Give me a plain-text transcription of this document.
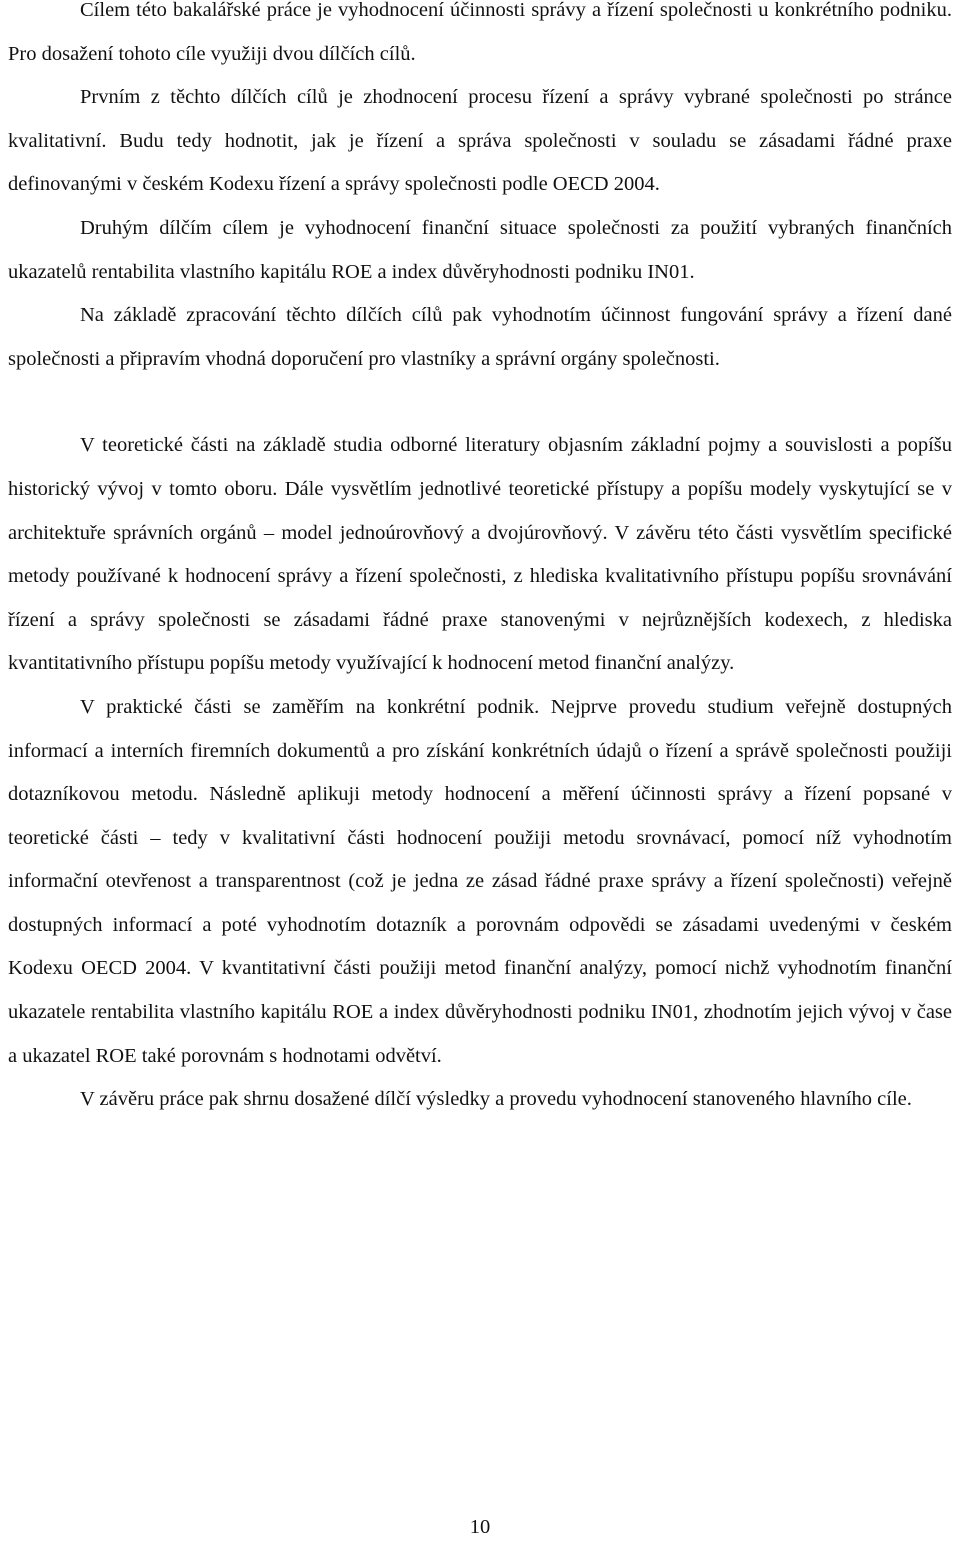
Cílem této bakalářské práce je vyhodnocení účinnosti správy a řízení společnosti u konkrétního podniku. Pro dosažení tohoto cíle využiji dvou dílčích cílů.

Prvním z těchto dílčích cílů je zhodnocení procesu řízení a správy vybrané společnosti po stránce kvalitativní. Budu tedy hodnotit, jak je řízení a správa společnosti v souladu se zásadami řádné praxe definovanými v českém Kodexu řízení a správy společnosti podle OECD 2004.

Druhým dílčím cílem je vyhodnocení finanční situace společnosti za použití vybraných finančních ukazatelů rentabilita vlastního kapitálu ROE a index důvěryhodnosti podniku IN01.

Na základě zpracování těchto dílčích cílů pak vyhodnotím účinnost fungování správy a řízení dané společnosti a připravím vhodná doporučení pro vlastníky a správní orgány společnosti.

V teoretické části na základě studia odborné literatury objasním základní pojmy a souvislosti a popíšu historický vývoj v tomto oboru. Dále vysvětlím jednotlivé teoretické přístupy a popíšu modely vyskytující se v architektuře správních orgánů – model jednoúrovňový a dvojúrovňový. V závěru této části vysvětlím specifické metody používané k hodnocení správy a řízení společnosti, z hlediska kvalitativního přístupu popíšu srovnávání řízení a správy společnosti se zásadami řádné praxe stanovenými v nejrůznějších kodexech, z hlediska kvantitativního přístupu popíšu metody využívající k hodnocení metod finanční analýzy.

V praktické části se zaměřím na konkrétní podnik. Nejprve provedu studium veřejně dostupných informací a interních firemních dokumentů a pro získání konkrétních údajů o řízení a správě společnosti použiji dotazníkovou metodu. Následně aplikuji metody hodnocení a měření účinnosti správy a řízení popsané v teoretické části – tedy v kvalitativní části hodnocení použiji metodu srovnávací, pomocí níž vyhodnotím informační otevřenost a transparentnost (což je jedna ze zásad řádné praxe správy a řízení společnosti) veřejně dostupných informací a poté vyhodnotím dotazník a porovnám odpovědi se zásadami uvedenými v českém Kodexu OECD 2004. V kvantitativní části použiji metod finanční analýzy, pomocí nichž vyhodnotím finanční ukazatele rentabilita vlastního kapitálu ROE a index důvěryhodnosti podniku IN01, zhodnotím jejich vývoj v čase a ukazatel ROE také porovnám s hodnotami odvětví.

V závěru práce pak shrnu dosažené dílčí výsledky a provedu vyhodnocení stanoveného hlavního cíle.

10
